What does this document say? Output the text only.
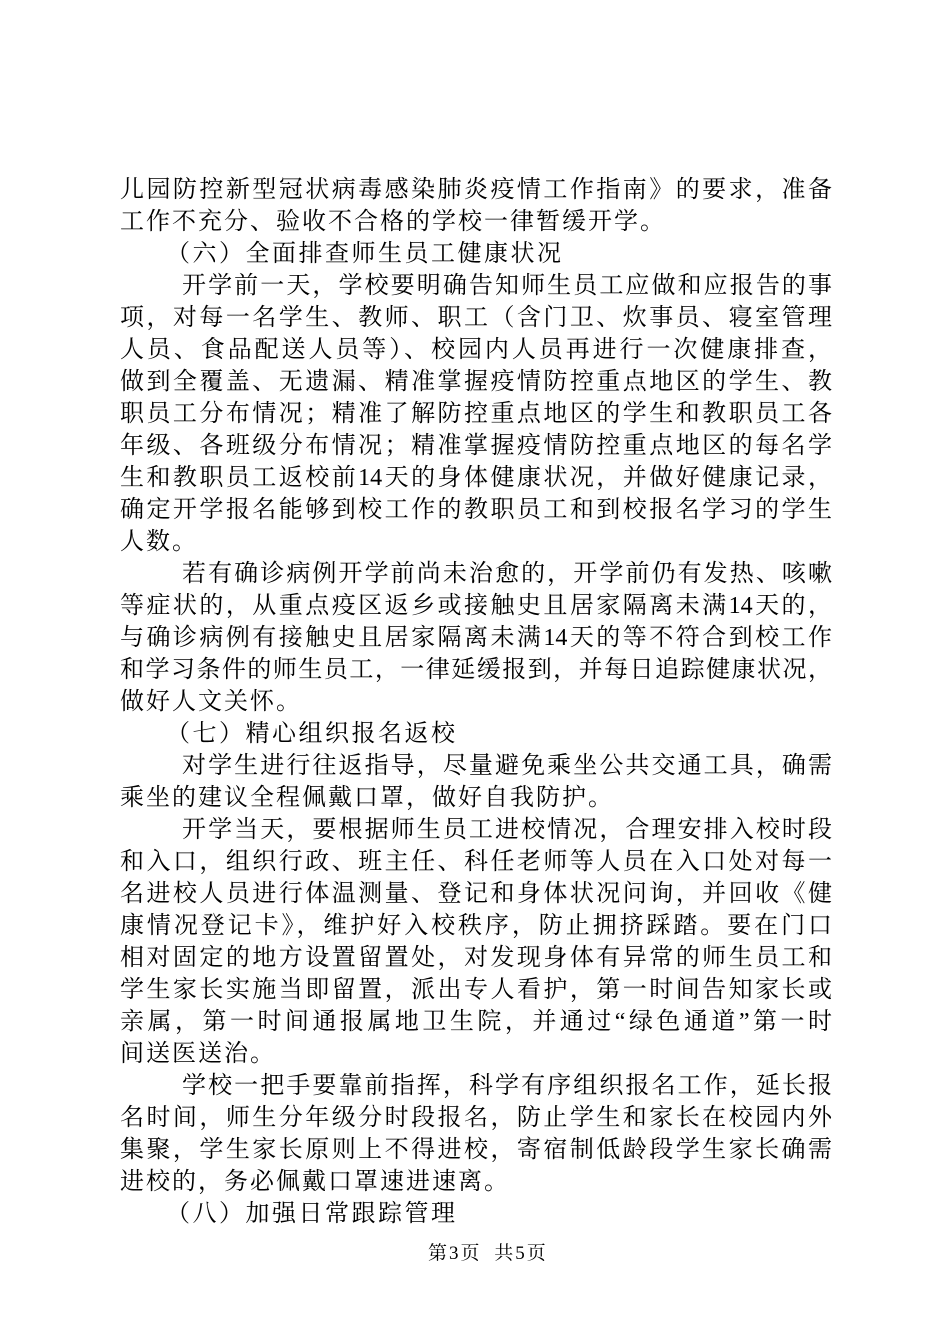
儿园防控新型冠状病毒感染肺炎疫情工作指南》的要求，准备
工作不充分、验收不合格的学校一律暂缓开学。
（六）全面排查师生员工健康状况
开学前一天，学校要明确告知师生员工应做和应报告的事
项，对每一名学生、教师、职工（含门卫、炊事员、寝室管理
人员、食品配送人员等）、校园内人员再进行一次健康排查，
做到全覆盖、无遗漏、精准掌握疫情防控重点地区的学生、教
职员工分布情况；精准了解防控重点地区的学生和教职员工各
年级、各班级分布情况；精准掌握疫情防控重点地区的每名学
生和教职员工返校前14天的身体健康状况，并做好健康记录，
确定开学报名能够到校工作的教职员工和到校报名学习的学生
人数。
若有确诊病例开学前尚未治愈的，开学前仍有发热、咳嗽
等症状的，从重点疫区返乡或接触史且居家隔离未满14天的，
与确诊病例有接触史且居家隔离未满14天的等不符合到校工作
和学习条件的师生员工，一律延缓报到，并每日追踪健康状况，
做好人文关怀。
（七）精心组织报名返校
对学生进行往返指导，尽量避免乘坐公共交通工具，确需
乘坐的建议全程佩戴口罩，做好自我防护。
开学当天，要根据师生员工进校情况，合理安排入校时段
和入口，组织行政、班主任、科任老师等人员在入口处对每一
名进校人员进行体温测量、登记和身体状况问询，并回收《健
康情况登记卡》，维护好入校秩序，防止拥挤踩踏。要在门口
相对固定的地方设置留置处，对发现身体有异常的师生员工和
学生家长实施当即留置，派出专人看护，第一时间告知家长或
亲属，第一时间通报属地卫生院，并通过“绿色通道”第一时
间送医送治。
学校一把手要靠前指挥，科学有序组织报名工作，延长报
名时间，师生分年级分时段报名，防止学生和家长在校园内外
集聚，学生家长原则上不得进校，寄宿制低龄段学生家长确需
进校的，务必佩戴口罩速进速离。
（八）加强日常跟踪管理
第3页 共5页
